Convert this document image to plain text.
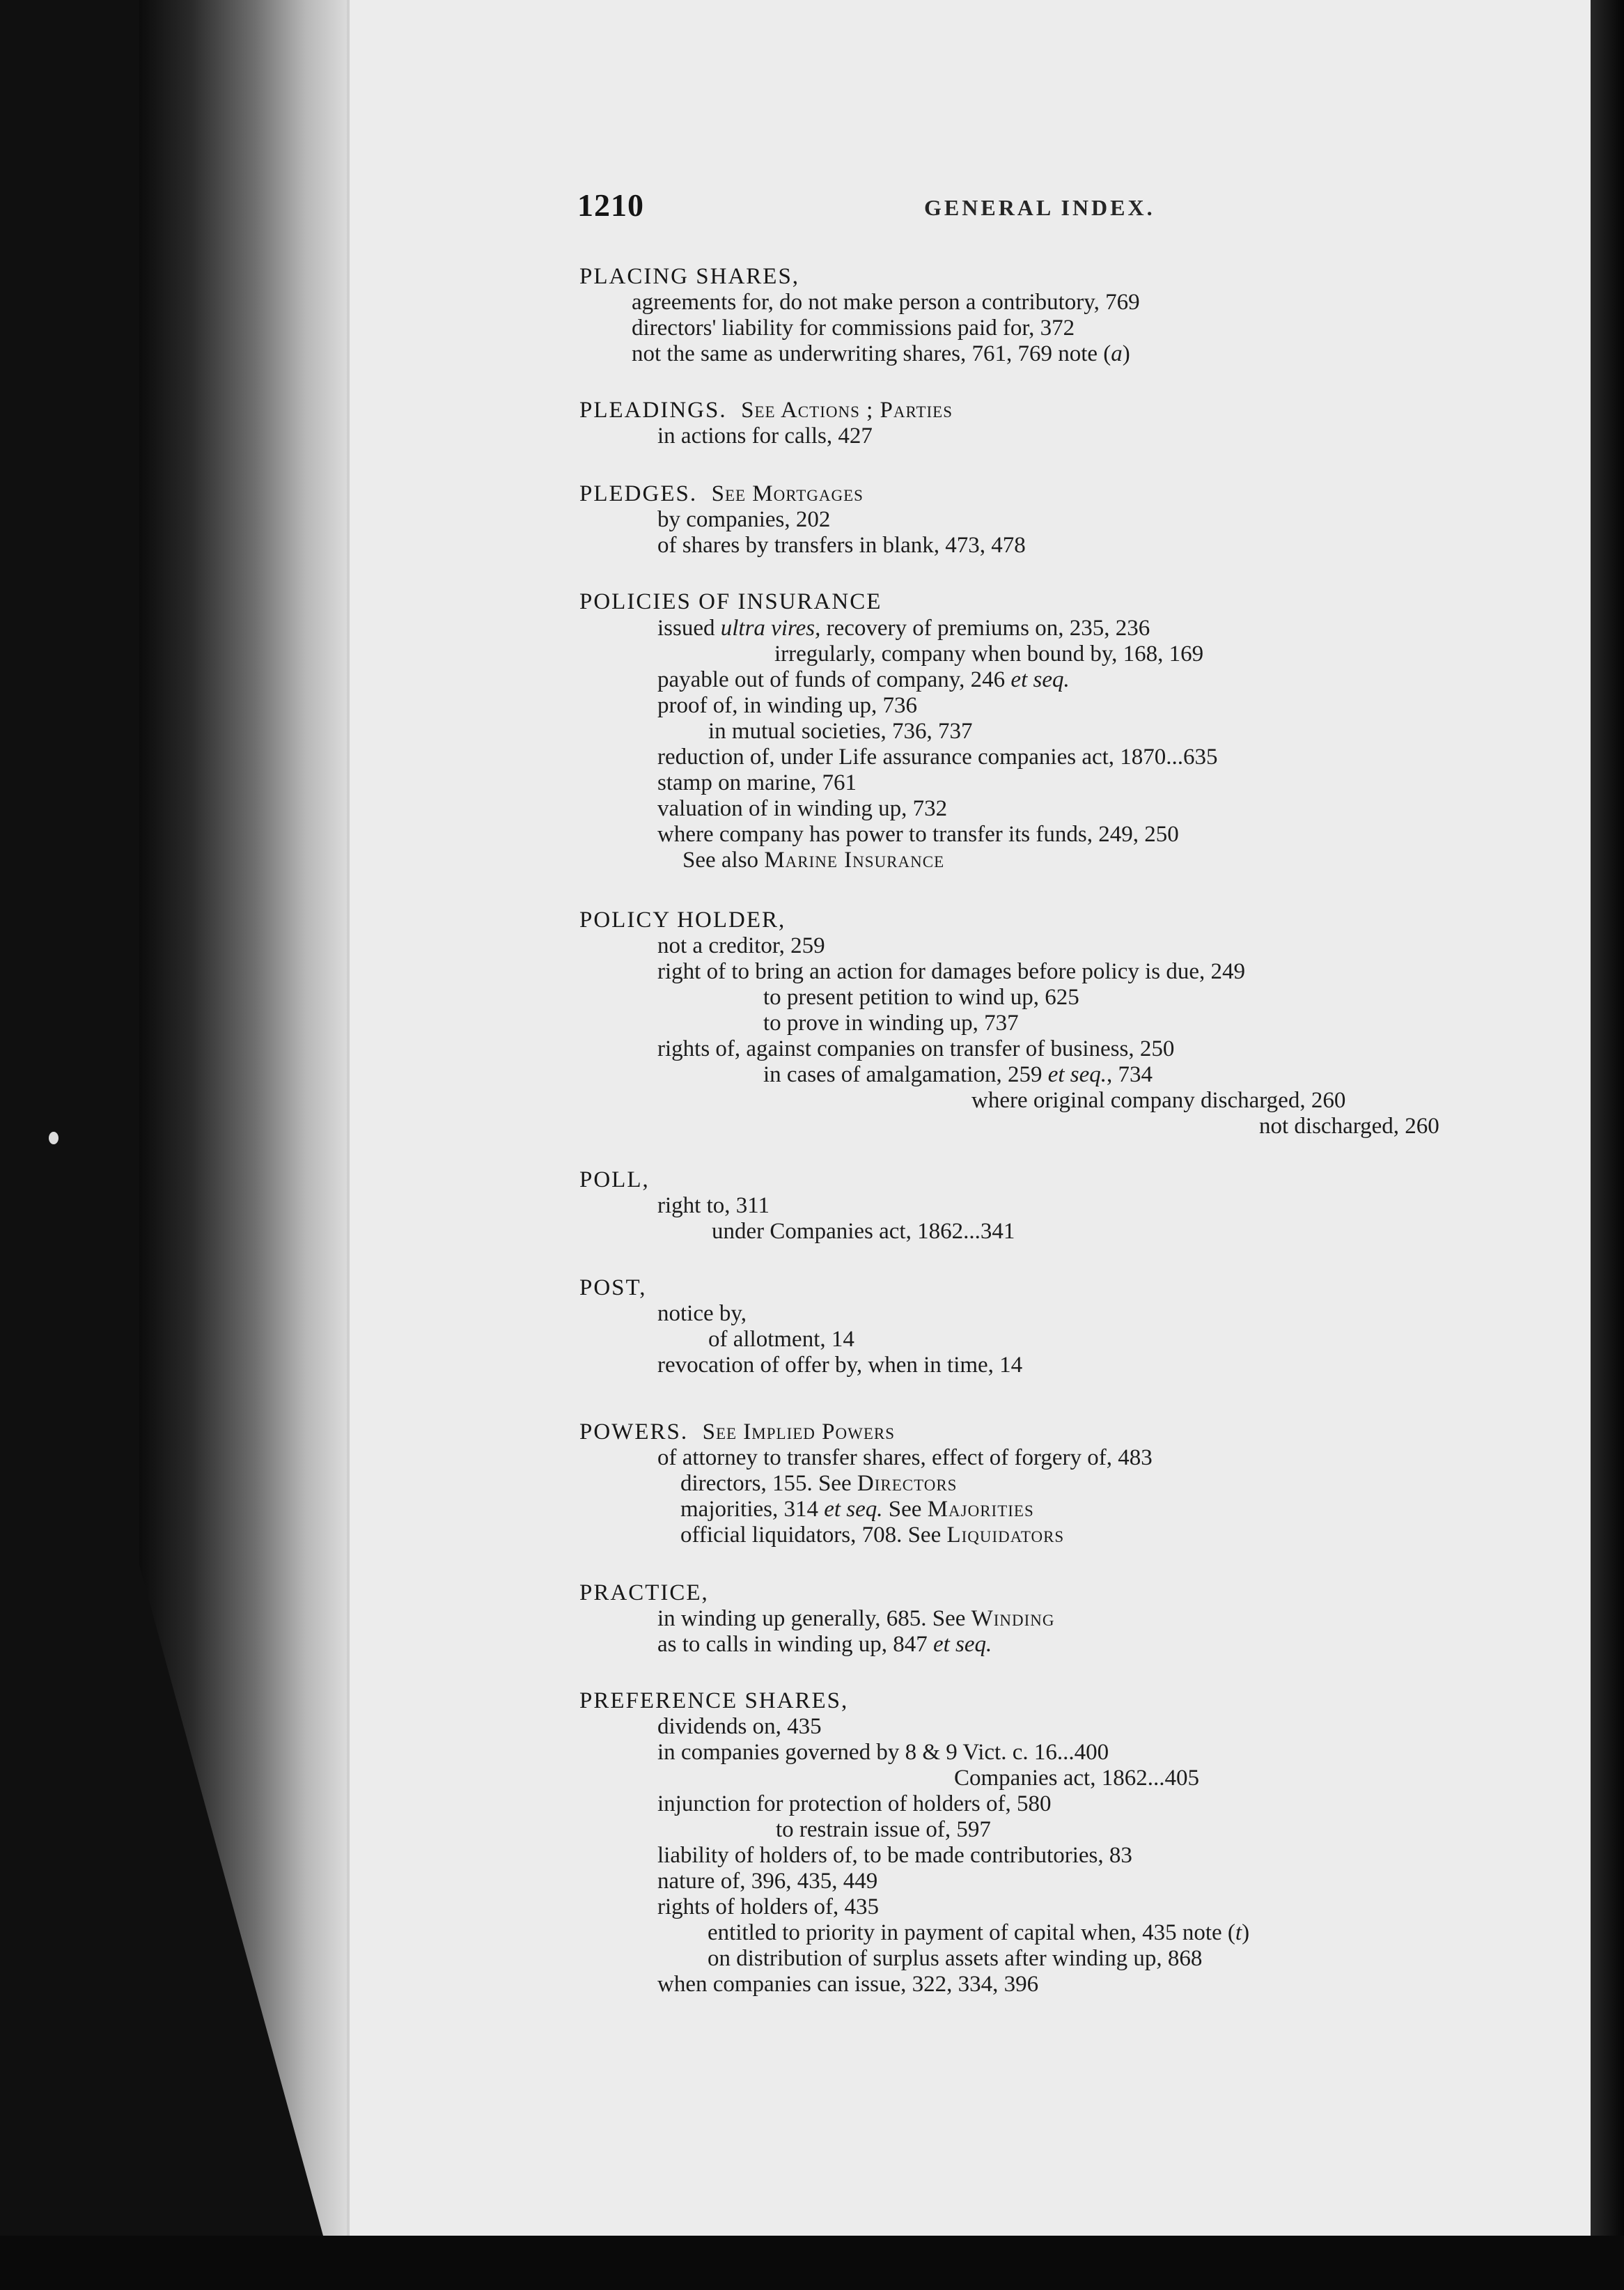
1210	GENERAL INDEX.
PLACING SHARES,
agreements for, do not make person a contributory, 769
directors' liability for commissions paid for, 372
not the same as underwriting shares, 761, 769 note (a)
PLEADINGS. See Actions ; Parties
in actions for calls, 427
PLEDGES. See Mortgages
by companies, 202
of shares by transfers in blank, 473, 478
POLICIES OF INSURANCE
issued ultra vires, recovery of premiums on, 235, 236
irregularly, company when bound by, 168, 169
payable out of funds of company, 246 et seq.
proof of, in winding up, 736
in mutual societies, 736, 737
reduction of, under Life assurance companies act, 1870...635
stamp on marine, 761
valuation of in winding up, 732
where company has power to transfer its funds, 249, 250
See also Marine Insurance
POLICY HOLDER,
not a creditor, 259
right of to bring an action for damages before policy is due, 249
to present petition to wind up, 625
to prove in winding up, 737
rights of, against companies on transfer of business, 250
in cases of amalgamation, 259 et seq., 734
where original company discharged, 260
not discharged, 260
POLL,
right to, 311
under Companies act, 1862...341
POST,
notice by,
of allotment, 14
revocation of offer by, when in time, 14
POWERS. See Implied Powers
of attorney to transfer shares, effect of forgery of, 483
directors, 155. See Directors
majorities, 314 et seq. See Majorities
official liquidators, 708. See Liquidators
PRACTICE,
in winding up generally, 685. See Winding
as to calls in winding up, 847 et seq.
PREFERENCE SHARES,
dividends on, 435
in companies governed by 8 & 9 Vict. c. 16...400
Companies act, 1862...405
injunction for protection of holders of, 580
to restrain issue of, 597
liability of holders of, to be made contributories, 83
nature of, 396, 435, 449
rights of holders of, 435
entitled to priority in payment of capital when, 435 note (t)
on distribution of surplus assets after winding up, 868
when companies can issue, 322, 334, 396
